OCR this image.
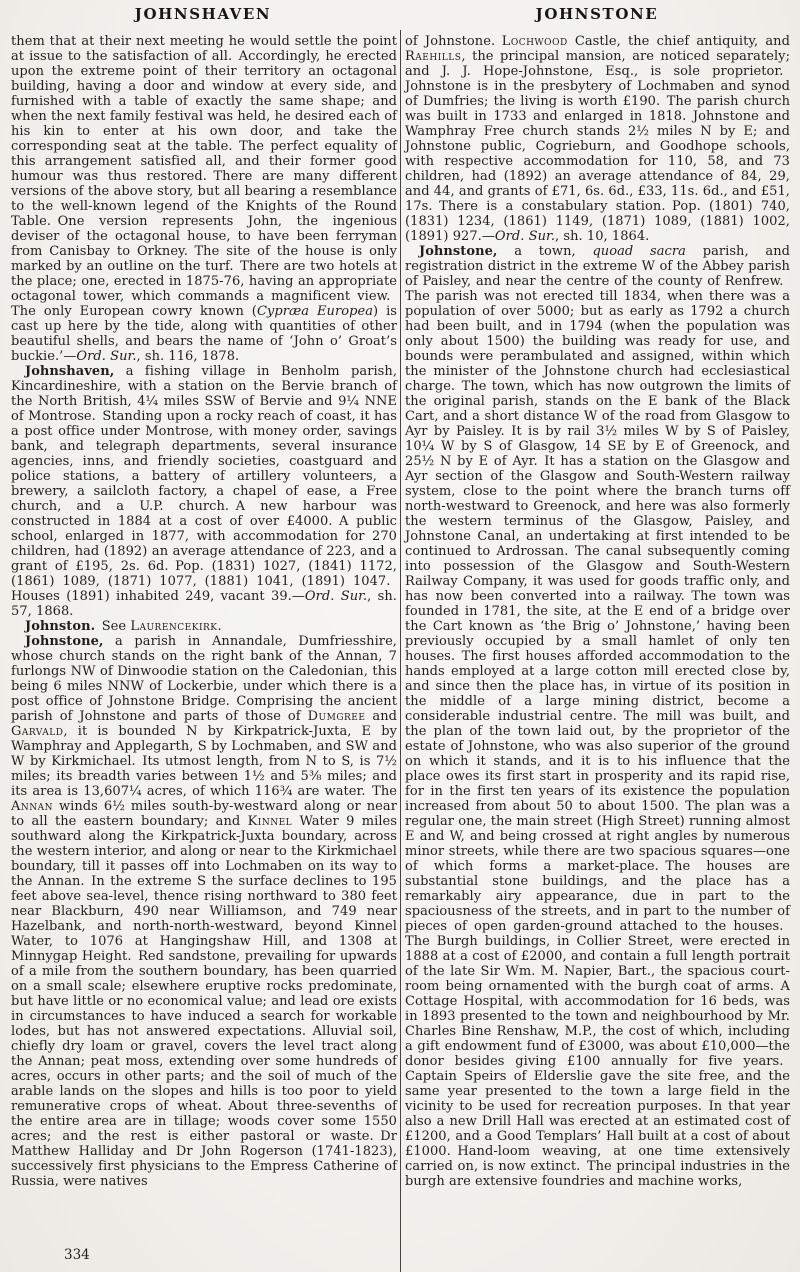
JOHNSHAVEN	JOHNSTONE

them that at their next meeting he would settle the point at issue to the satisfaction of all. Accordingly, he erected upon the extreme point of their territory an octagonal building, having a door and window at every side, and furnished with a table of exactly the same shape; and when the next family festival was held, he desired each of his kin to enter at his own door, and take the corresponding seat at the table. The perfect equality of this arrangement satisfied all, and their former good humour was thus restored. There are many different versions of the above story, but all bearing a resemblance to the well-known legend of the Knights of the Round Table. One version represents John, the ingenious deviser of the octagonal house, to have been ferryman from Canisbay to Orkney. The site of the house is only marked by an outline on the turf. There are two hotels at the place; one, erected in 1875-76, having an appropriate octagonal tower, which commands a magnificent view. The only European cowry known (Cypræa Europea) is cast up here by the tide, along with quantities of other beautiful shells, and bears the name of ‘John o’ Groat’s buckie.’—Ord. Sur., sh. 116, 1878.

Johnshaven, a fishing village in Benholm parish, Kincardineshire, with a station on the Bervie branch of the North British, 4¼ miles SSW of Bervie and 9¼ NNE of Montrose. Standing upon a rocky reach of coast, it has a post office under Montrose, with money order, savings bank, and telegraph departments, several insurance agencies, inns, and friendly societies, coastguard and police stations, a battery of artillery volunteers, a brewery, a sailcloth factory, a chapel of ease, a Free church, and a U.P. church. A new harbour was constructed in 1884 at a cost of over £4000. A public school, enlarged in 1877, with accommodation for 270 children, had (1892) an average attendance of 223, and a grant of £195, 2s. 6d. Pop. (1831) 1027, (1841) 1172, (1861) 1089, (1871) 1077, (1881) 1041, (1891) 1047. Houses (1891) inhabited 249, vacant 39.—Ord. Sur., sh. 57, 1868.

Johnston. See Laurencekirk.

Johnstone, a parish in Annandale, Dumfriesshire, whose church stands on the right bank of the Annan, 7 furlongs NW of Dinwoodie station on the Caledonian, this being 6 miles NNW of Lockerbie, under which there is a post office of Johnstone Bridge. Comprising the ancient parish of Johnstone and parts of those of Dumgree and Garvald, it is bounded N by Kirkpatrick-Juxta, E by Wamphray and Applegarth, S by Lochmaben, and SW and W by Kirkmichael. Its utmost length, from N to S, is 7½ miles; its breadth varies between 1½ and 5⅜ miles; and its area is 13,607¼ acres, of which 116¾ are water. The Annan winds 6½ miles south-by-westward along or near to all the eastern boundary; and Kinnel Water 9 miles southward along the Kirkpatrick-Juxta boundary, across the western interior, and along or near to the Kirkmichael boundary, till it passes off into Lochmaben on its way to the Annan. In the extreme S the surface declines to 195 feet above sea-level, thence rising northward to 380 feet near Blackburn, 490 near Williamson, and 749 near Hazelbank, and north-north-westward, beyond Kinnel Water, to 1076 at Hangingshaw Hill, and 1308 at Minnygap Height. Red sandstone, prevailing for upwards of a mile from the southern boundary, has been quarried on a small scale; elsewhere eruptive rocks predominate, but have little or no economical value; and lead ore exists in circumstances to have induced a search for workable lodes, but has not answered expectations. Alluvial soil, chiefly dry loam or gravel, covers the level tract along the Annan; peat moss, extending over some hundreds of acres, occurs in other parts; and the soil of much of the arable lands on the slopes and hills is too poor to yield remunerative crops of wheat. About three-sevenths of the entire area are in tillage; woods cover some 1550 acres; and the rest is either pastoral or waste. Dr Matthew Halliday and Dr John Rogerson (1741-1823), successively first physicians to the Empress Catherine of Russia, were natives

of Johnstone. Lochwood Castle, the chief antiquity, and Raehills, the principal mansion, are noticed separately; and J. J. Hope-Johnstone, Esq., is sole proprietor. Johnstone is in the presbytery of Lochmaben and synod of Dumfries; the living is worth £190. The parish church was built in 1733 and enlarged in 1818. Johnstone and Wamphray Free church stands 2½ miles N by E; and Johnstone public, Cogrieburn, and Goodhope schools, with respective accommodation for 110, 58, and 73 children, had (1892) an average attendance of 84, 29, and 44, and grants of £71, 6s. 6d., £33, 11s. 6d., and £51, 17s. There is a constabulary station. Pop. (1801) 740, (1831) 1234, (1861) 1149, (1871) 1089, (1881) 1002, (1891) 927.—Ord. Sur., sh. 10, 1864.

Johnstone, a town, quoad sacra parish, and registration district in the extreme W of the Abbey parish of Paisley, and near the centre of the county of Renfrew. The parish was not erected till 1834, when there was a population of over 5000; but as early as 1792 a church had been built, and in 1794 (when the population was only about 1500) the building was ready for use, and bounds were perambulated and assigned, within which the minister of the Johnstone church had ecclesiastical charge. The town, which has now outgrown the limits of the original parish, stands on the E bank of the Black Cart, and a short distance W of the road from Glasgow to Ayr by Paisley. It is by rail 3½ miles W by S of Paisley, 10¼ W by S of Glasgow, 14 SE by E of Greenock, and 25½ N by E of Ayr. It has a station on the Glasgow and Ayr section of the Glasgow and South-Western railway system, close to the point where the branch turns off north-westward to Greenock, and here was also formerly the western terminus of the Glasgow, Paisley, and Johnstone Canal, an undertaking at first intended to be continued to Ardrossan. The canal subsequently coming into possession of the Glasgow and South-Western Railway Company, it was used for goods traffic only, and has now been converted into a railway. The town was founded in 1781, the site, at the E end of a bridge over the Cart known as ‘the Brig o’ Johnstone,’ having been previously occupied by a small hamlet of only ten houses. The first houses afforded accommodation to the hands employed at a large cotton mill erected close by, and since then the place has, in virtue of its position in the middle of a large mining district, become a considerable industrial centre. The mill was built, and the plan of the town laid out, by the proprietor of the estate of Johnstone, who was also superior of the ground on which it stands, and it is to his influence that the place owes its first start in prosperity and its rapid rise, for in the first ten years of its existence the population increased from about 50 to about 1500. The plan was a regular one, the main street (High Street) running almost E and W, and being crossed at right angles by numerous minor streets, while there are two spacious squares—one of which forms a market-place. The houses are substantial stone buildings, and the place has a remarkably airy appearance, due in part to the spaciousness of the streets, and in part to the number of pieces of open garden-ground attached to the houses. The Burgh buildings, in Collier Street, were erected in 1888 at a cost of £2000, and contain a full length portrait of the late Sir Wm. M. Napier, Bart., the spacious court-room being ornamented with the burgh coat of arms. A Cottage Hospital, with accommodation for 16 beds, was in 1893 presented to the town and neighbourhood by Mr. Charles Bine Renshaw, M.P., the cost of which, including a gift endowment fund of £3000, was about £10,000—the donor besides giving £100 annually for five years. Captain Speirs of Elderslie gave the site free, and the same year presented to the town a large field in the vicinity to be used for recreation purposes. In that year also a new Drill Hall was erected at an estimated cost of £1200, and a Good Templars’ Hall built at a cost of about £1000. Hand-loom weaving, at one time extensively carried on, is now extinct. The principal industries in the burgh are extensive foundries and machine works,

334
